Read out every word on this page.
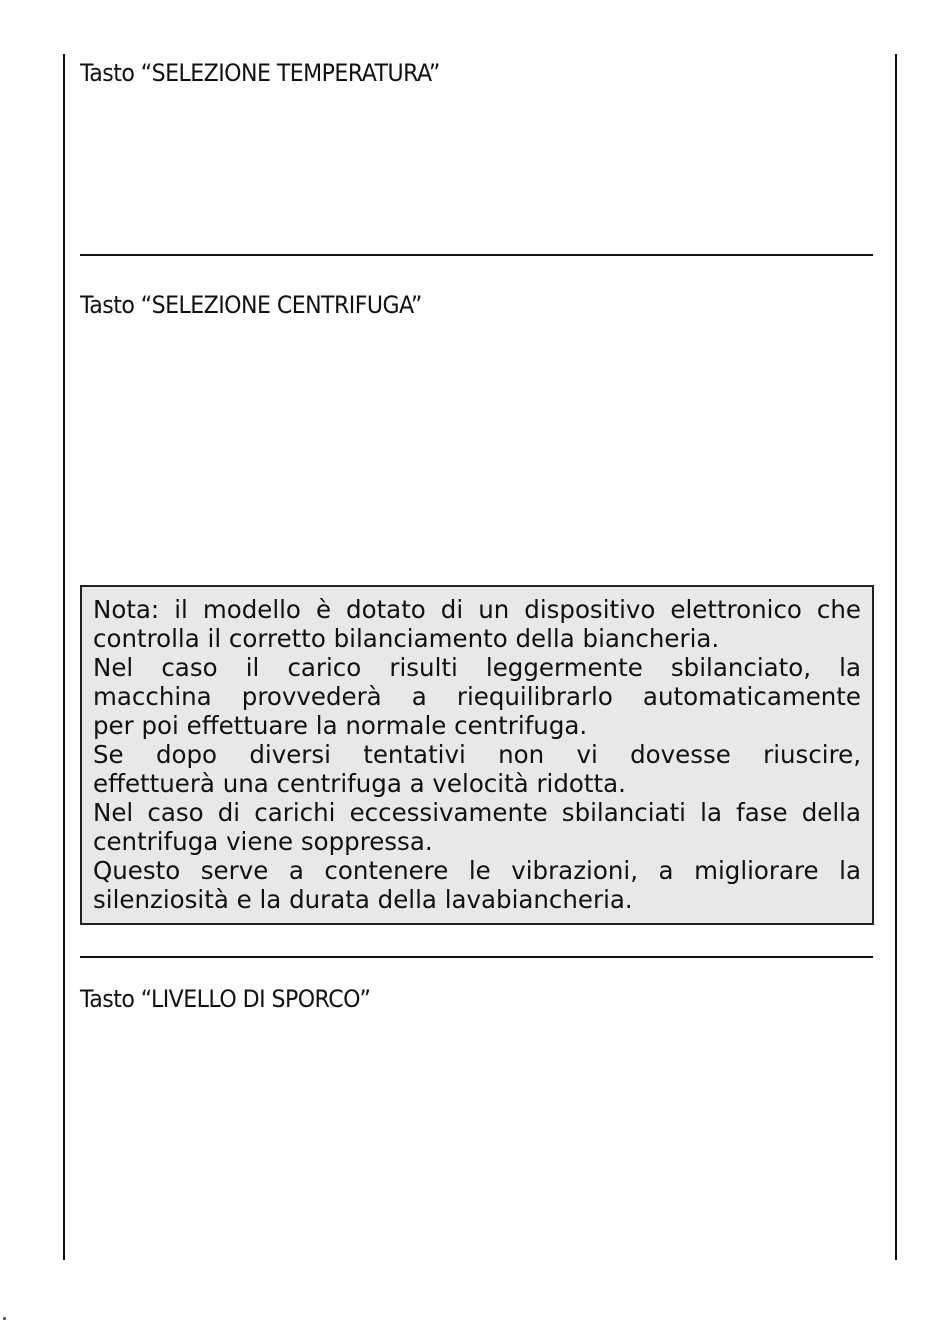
Tasto “SELEZIONE TEMPERATURA”
Tasto “SELEZIONE CENTRIFUGA”
Nota: il modello è dotato di un dispositivo elettronico che
controlla il corretto bilanciamento della biancheria.
Nel caso il carico risulti leggermente sbilanciato, la
macchina provvederà a riequilibrarlo automaticamente
per poi effettuare la normale centrifuga.
Se dopo diversi tentativi non vi dovesse riuscire,
effettuerà una centrifuga a velocità ridotta.
Nel caso di carichi eccessivamente sbilanciati la fase della
centrifuga viene soppressa.
Questo serve a contenere le vibrazioni, a migliorare la
silenziosità e la durata della lavabiancheria.
Tasto “LIVELLO DI SPORCO”
